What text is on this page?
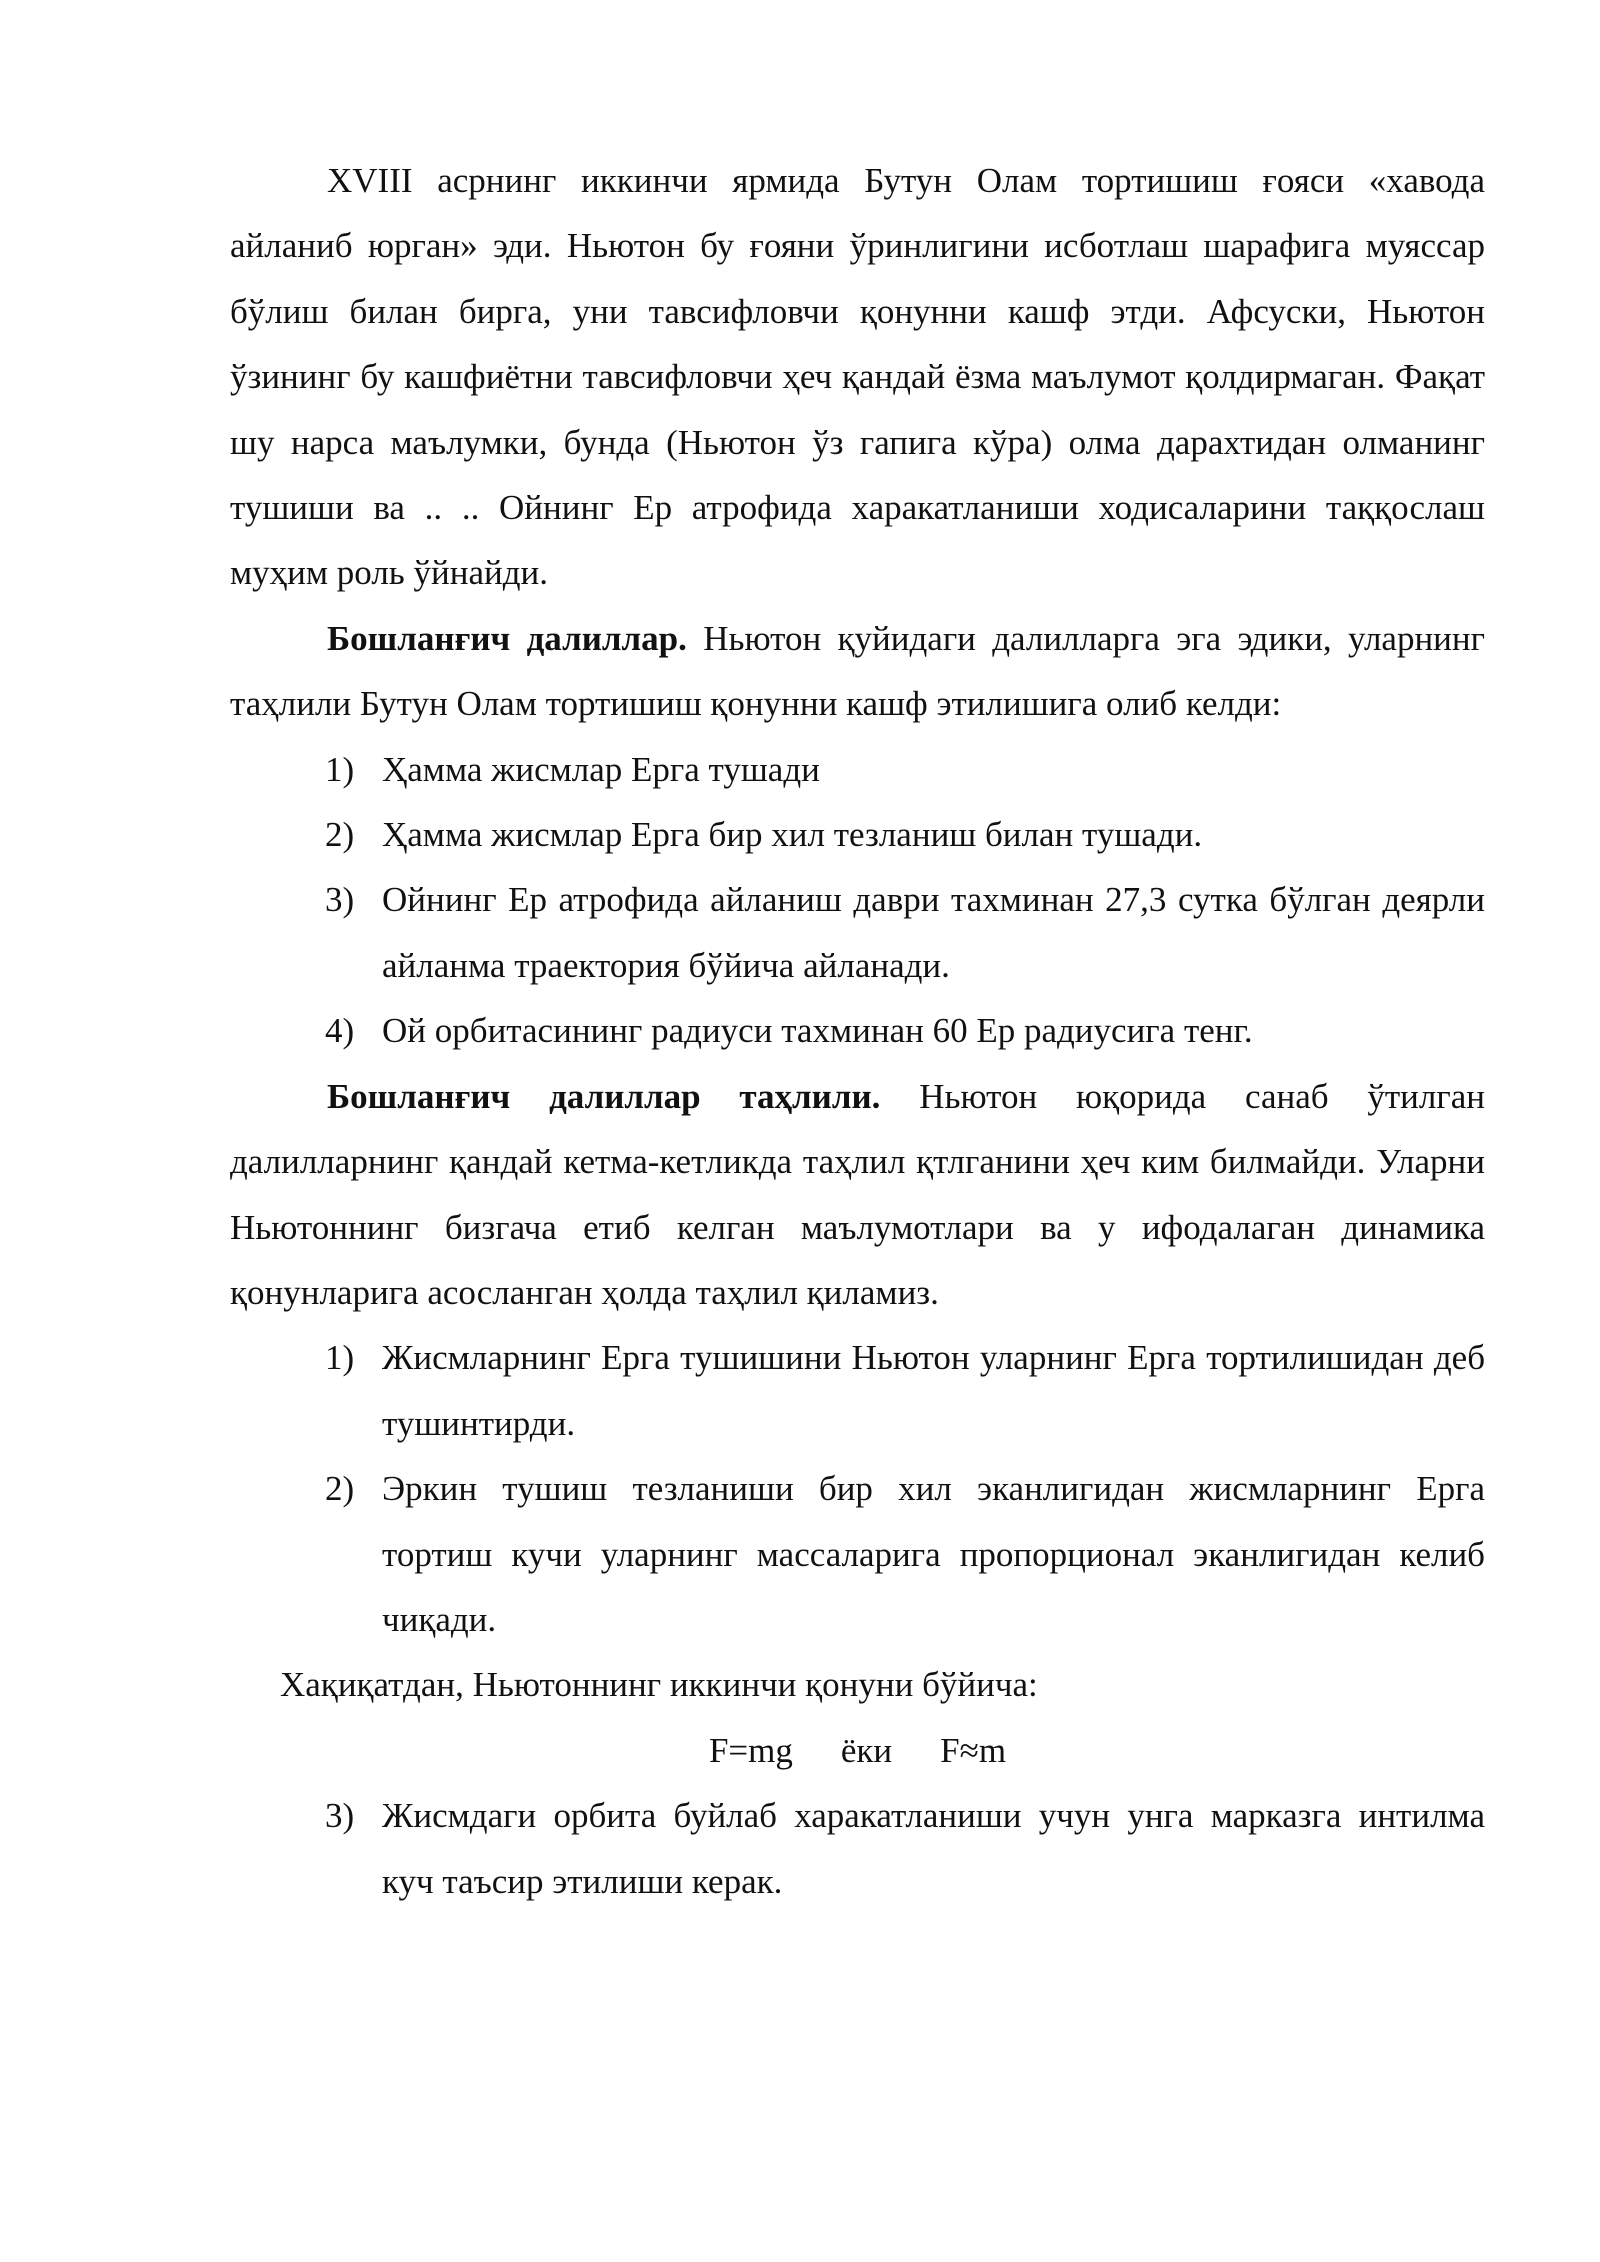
XVIII асрнинг иккинчи ярмида Бутун Олам тортишиш ғояси «хавода айланиб юрган» эди. Ньютон бу ғояни ўринлигини исботлаш шарафига муяссар бўлиш билан бирга, уни тавсифловчи қонунни кашф этди. Афсуски, Ньютон ўзининг бу кашфиётни тавсифловчи ҳеч қандай ёзма маълумот қолдирмаган. Фақат шу нарса маълумки, бунда (Ньютон ўз гапига кўра) олма дарахтидан олманинг тушиши ва .. .. Ойнинг Ер атрофида харакатланиши ходисаларини таққослаш муҳим роль ўйнайди.

Бошланғич далиллар. Ньютон қуйидаги далилларга эга эдики, уларнинг таҳлили Бутун Олам тортишиш қонунни кашф этилишига олиб келди:

1) Ҳамма жисмлар Ерга тушади
2) Ҳамма жисмлар Ерга бир хил тезланиш билан тушади.
3) Ойнинг Ер атрофида айланиш даври тахминан 27,3 сутка бўлган деярли айланма траектория бўйича айланади.
4) Ой орбитасининг радиуси тахминан 60 Ер радиусига тенг.

Бошланғич далиллар таҳлили. Ньютон юқорида санаб ўтилган далилларнинг қандай кетма-кетликда таҳлил қтлганини ҳеч ким билмайди. Уларни Ньютоннинг бизгача етиб келган маълумотлари ва у ифодалаган динамика қонунларига асосланган ҳолда таҳлил қиламиз.

1) Жисмларнинг Ерга тушишини Ньютон уларнинг Ерга тортилишидан деб тушинтирди.
2) Эркин тушиш тезланиши бир хил эканлигидан жисмларнинг Ерга тортиш кучи уларнинг массаларига пропорционал эканлигидан келиб чиқади.

Хақиқатдан, Ньютоннинг иккинчи қонуни бўйича:

F=mg ёки F≈m

3) Жисмдаги орбита буйлаб харакатланиши учун унга марказга интилма куч таъсир этилиши керак.
